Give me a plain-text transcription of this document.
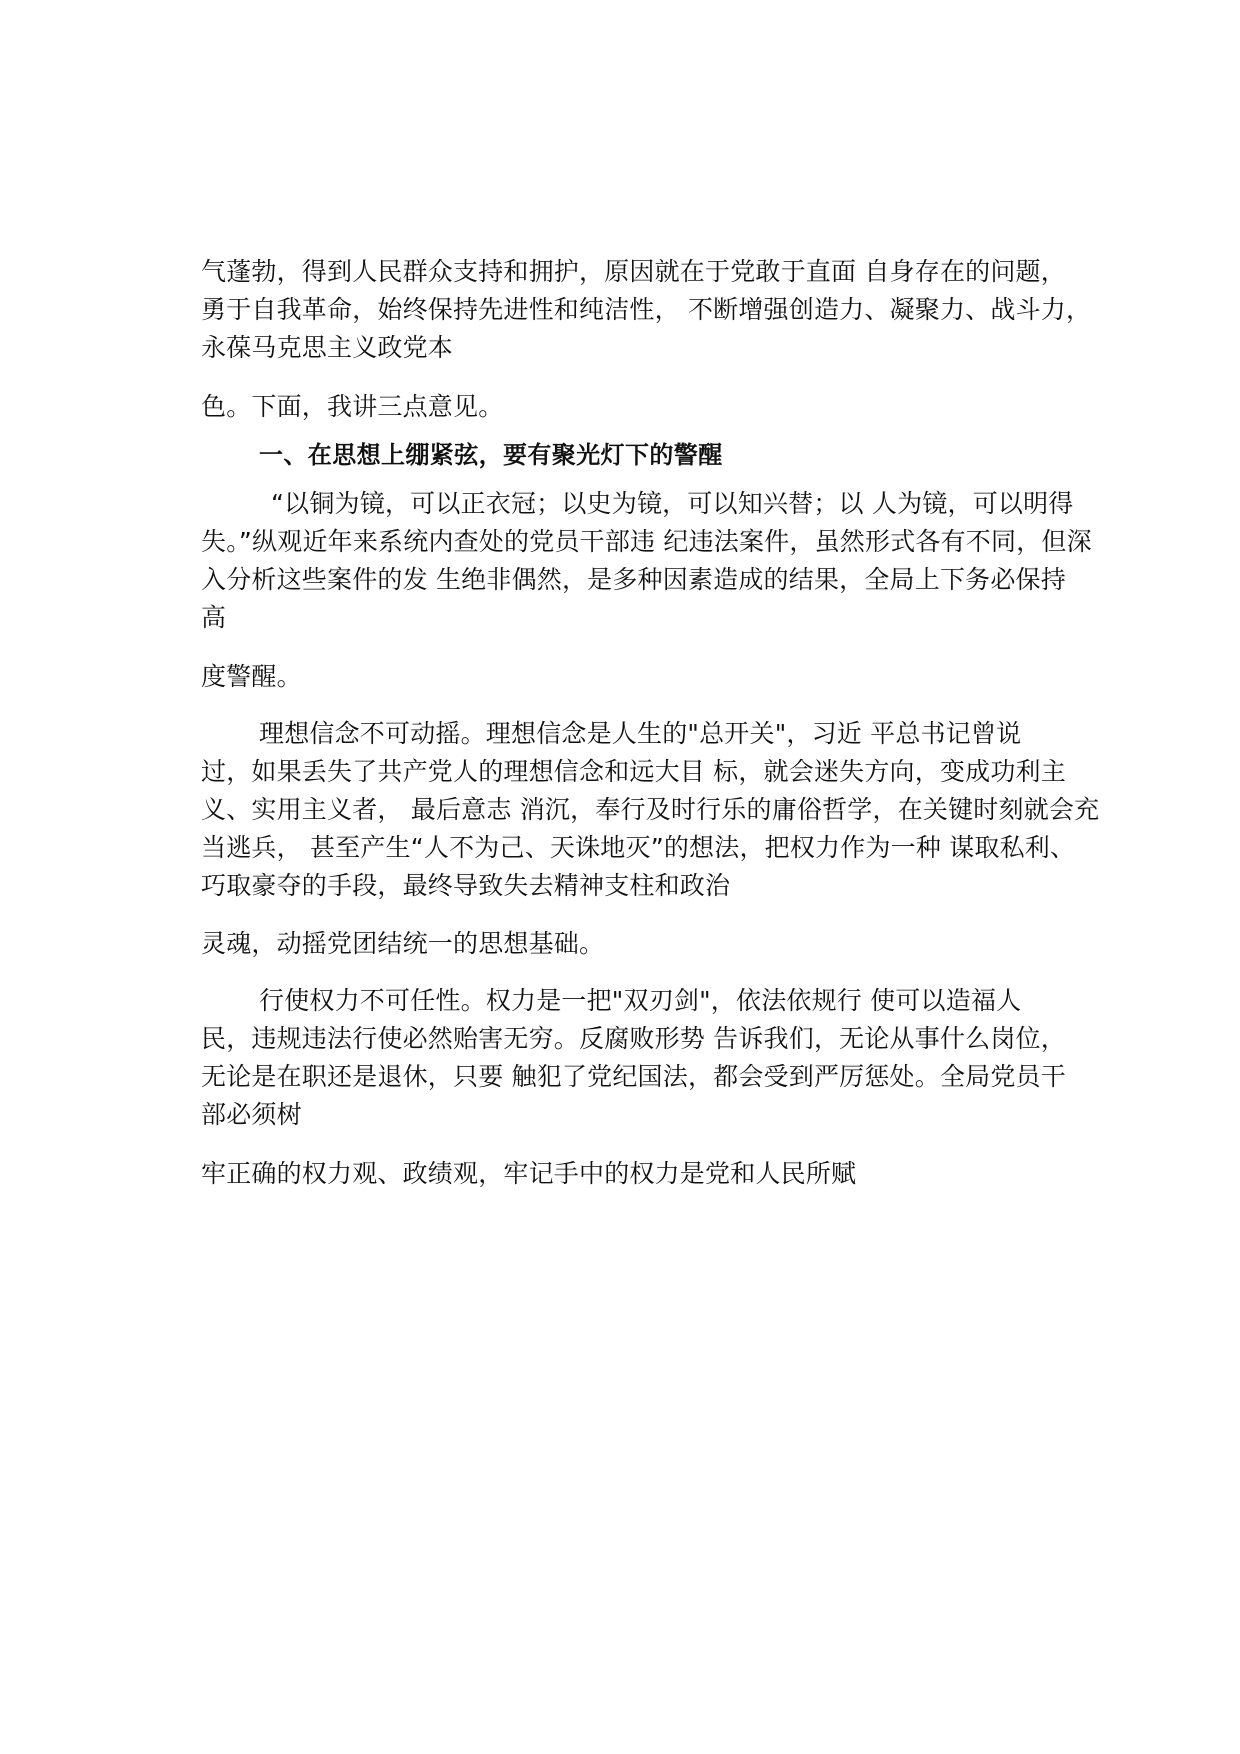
气蓬勃，得到人民群众支持和拥护，原因就在于党敢于直面 自身存在的问题，
勇于自我革命，始终保持先进性和纯洁性， 不断增强创造力、凝聚力、战斗力，
永葆马克思主义政党本
色。下面，我讲三点意见。
一、在思想上绷紧弦，要有聚光灯下的警醒
“以铜为镜，可以正衣冠；以史为镜，可以知兴替；以 人为镜，可以明得
失。”纵观近年来系统内查处的党员干部违 纪违法案件，虽然形式各有不同，但深
入分析这些案件的发 生绝非偶然，是多种因素造成的结果，全局上下务必保持
高
度警醒。
理想信念不可动摇。理想信念是人生的"总开关"，习近 平总书记曾说
过，如果丢失了共产党人的理想信念和远大目 标，就会迷失方向，变成功利主
义、实用主义者， 最后意志 消沉，奉行及时行乐的庸俗哲学，在关键时刻就会充
当逃兵， 甚至产生“人不为己、天诛地灭”的想法，把权力作为一种 谋取私利、
巧取豪夺的手段，最终导致失去精神支柱和政治
灵魂，动摇党团结统一的思想基础。
行使权力不可任性。权力是一把"双刃剑"，依法依规行 使可以造福人
民，违规违法行使必然贻害无穷。反腐败形势 告诉我们，无论从事什么岗位，
无论是在职还是退休，只要 触犯了党纪国法，都会受到严厉惩处。全局党员干
部必须树
牢正确的权力观、政绩观，牢记手中的权力是党和人民所赋
